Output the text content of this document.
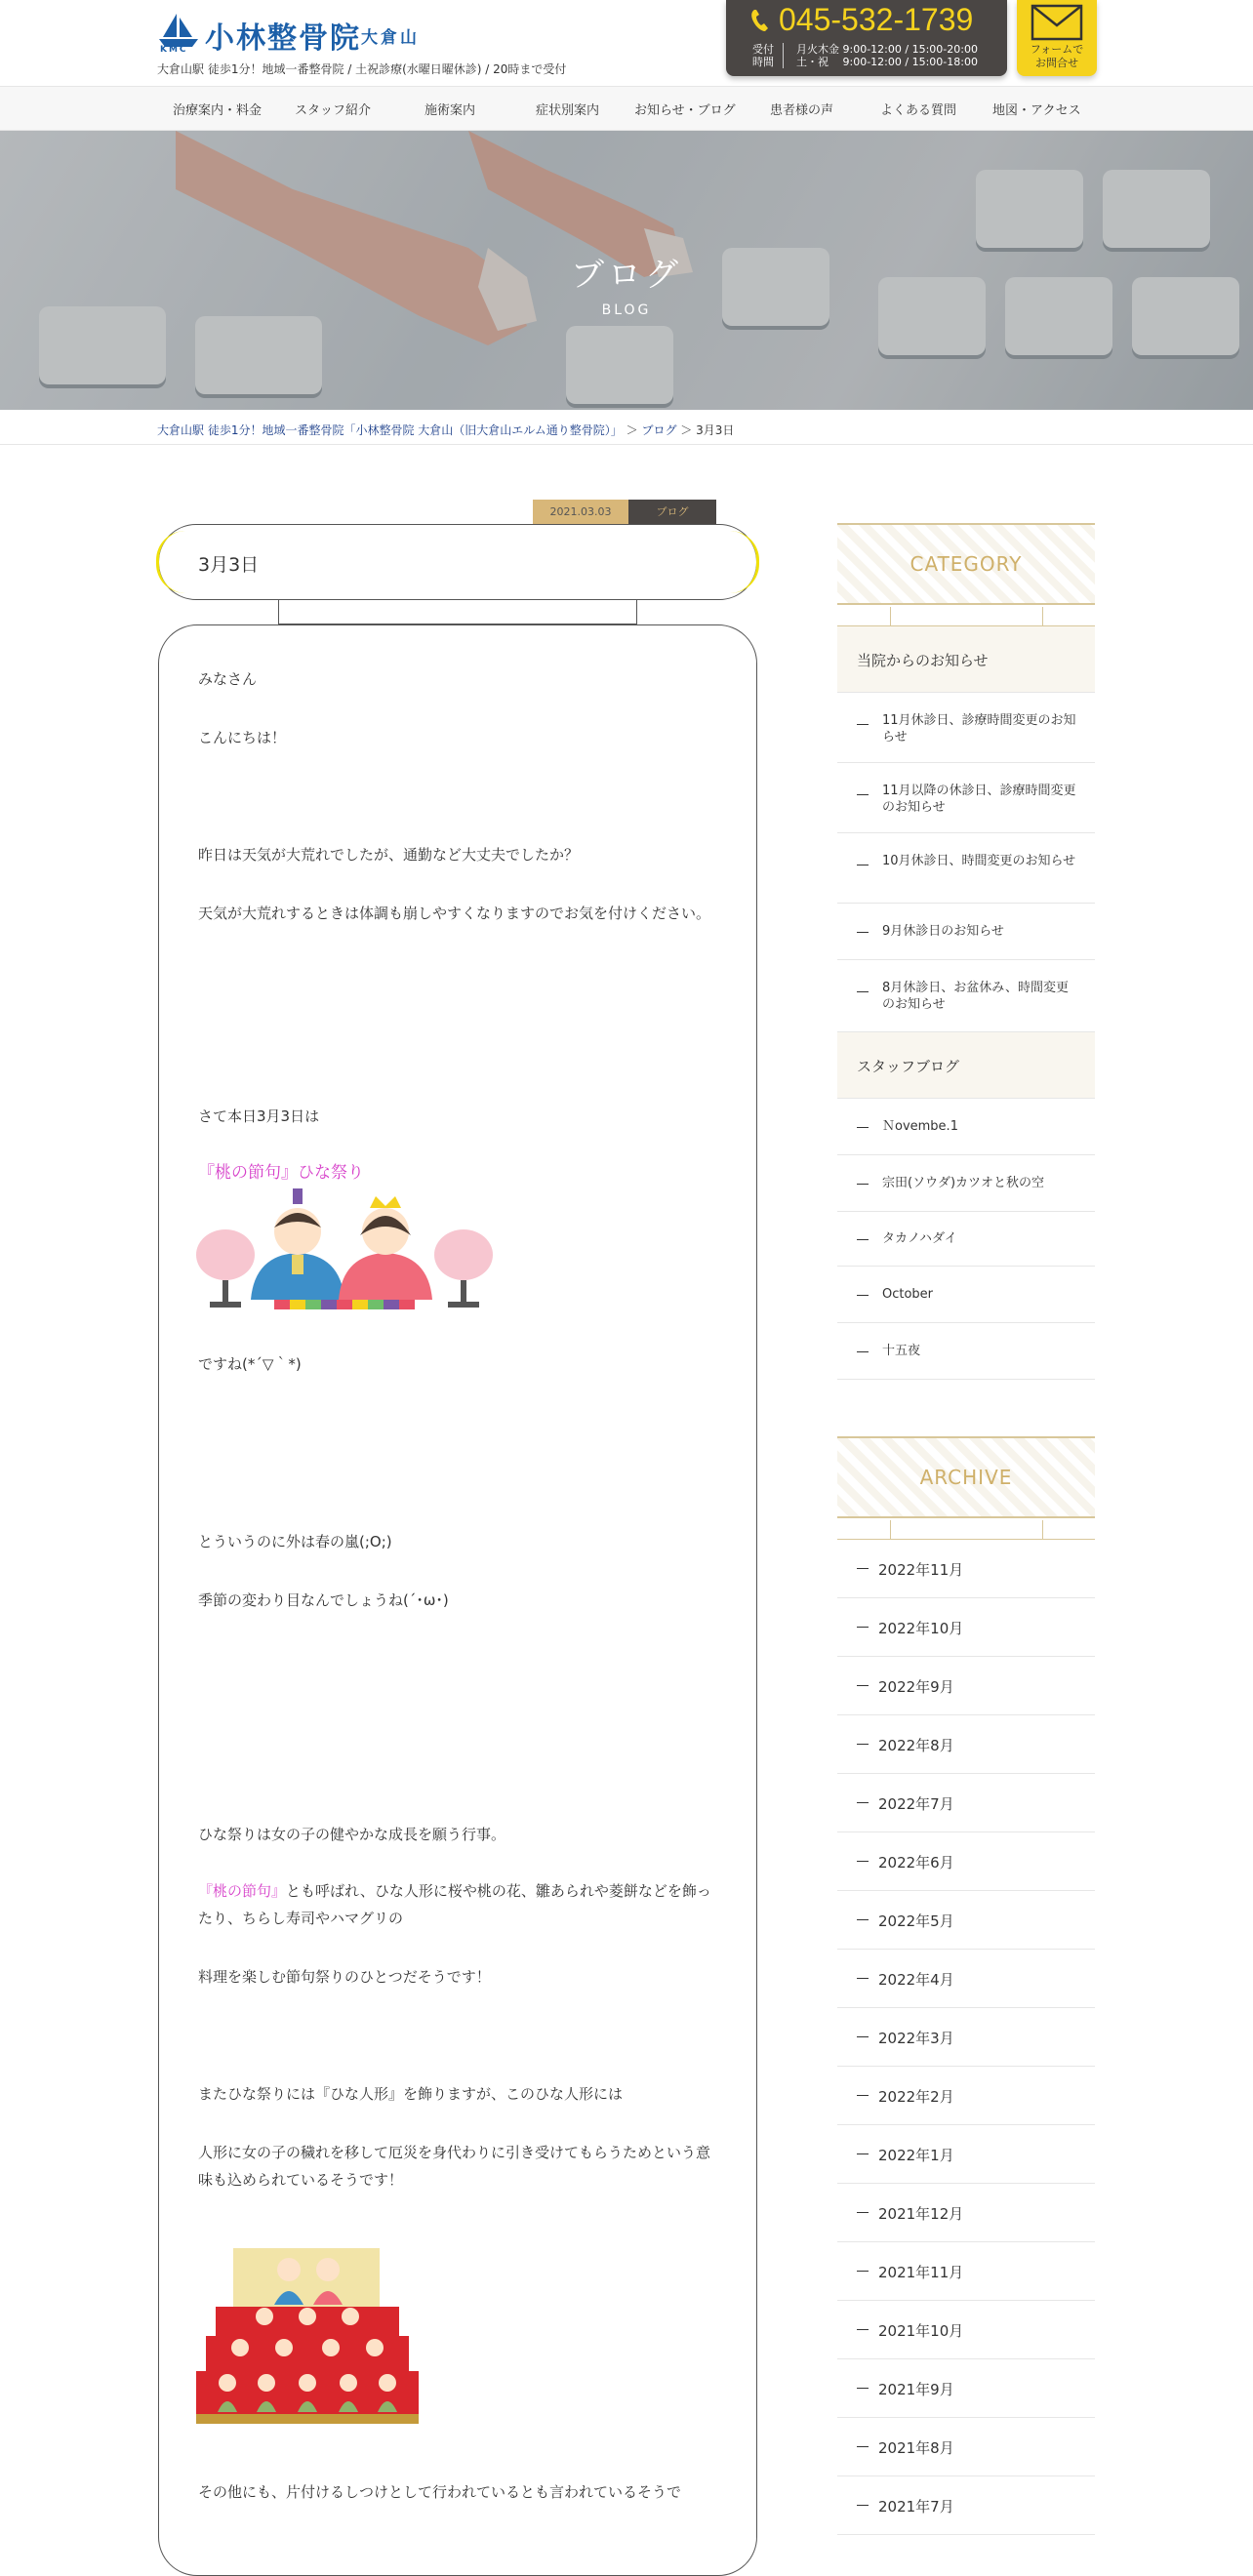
小林整骨院 大倉山
KMC
大倉山駅 徒歩1分！地域一番整骨院 / 土祝診療(水曜日曜休診) / 20時まで受付
045-532-1739
受付
時間
月火木金 9:00-12:00 / 15:00-20:00
土・祝　 9:00-12:00 / 15:00-18:00
フォームで
お問合せ
治療案内・料金	スタッフ紹介	施術案内	症状別案内	お知らせ・ブログ	患者様の声	よくある質問	地図・アクセス
ブログ
BLOG
大倉山駅 徒歩1分！地域一番整骨院「小林整骨院 大倉山（旧大倉山エルム通り整骨院）」 ＞ ブログ ＞ 3月3日
2021.03.03	ブログ
3月3日
みなさん
こんにちは！
昨日は天気が大荒れでしたが、通勤など大丈夫でしたか？
天気が大荒れするときは体調も崩しやすくなりますのでお気を付けください。
さて本日3月3日は
『桃の節句』ひな祭り
ですね(*´▽｀*)
とういうのに外は春の嵐(;O;)
季節の変わり目なんでしょうね(´･ω･)
ひな祭りは女の子の健やかな成長を願う行事。
『桃の節句』とも呼ばれ、ひな人形に桜や桃の花、雛あられや菱餅などを飾ったり、ちらし寿司やハマグリの
料理を楽しむ節句祭りのひとつだそうです！
またひな祭りには『ひな人形』を飾りますが、このひな人形には
人形に女の子の穢れを移して厄災を身代わりに引き受けてもらうためという意味も込められているそうです！
その他にも、片付けるしつけとして行われているとも言われているそうで
CATEGORY
当院からのお知らせ
11月休診日、診療時間変更のお知らせ
11月以降の休診日、診療時間変更のお知らせ
10月休診日、時間変更のお知らせ
9月休診日のお知らせ
8月休診日、お盆休み、時間変更のお知らせ
スタッフブログ
Ｎovembe.1
宗田(ソウダ)カツオと秋の空
タカノハダイ
October
十五夜
ARCHIVE
2022年11月
2022年10月
2022年9月
2022年8月
2022年7月
2022年6月
2022年5月
2022年4月
2022年3月
2022年2月
2022年1月
2021年12月
2021年11月
2021年10月
2021年9月
2021年8月
2021年7月
